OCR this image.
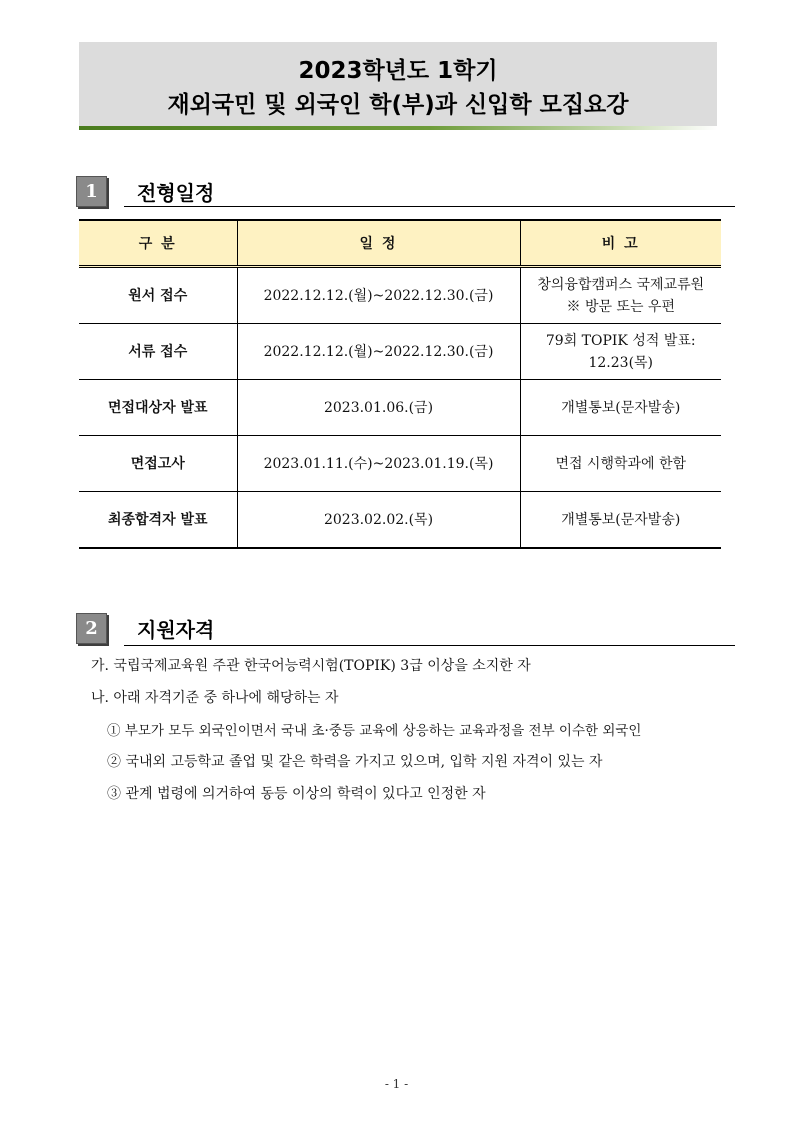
2023학년도 1학기
재외국민 및 외국인 학(부)과 신입학 모집요강
1	전형일정
구 분	일 정	비 고
원서 접수	2022.12.12.(월)~2022.12.30.(금)	창의융합캠퍼스 국제교류원
※ 방문 또는 우편

서류 접수	2022.12.12.(월)~2022.12.30.(금)	79회 TOPIK 성적 발표:
12.23(목)

면접대상자 발표	2023.01.06.(금)	개별통보(문자발송)

면접고사	2023.01.11.(수)~2023.01.19.(목)	면접 시행학과에 한함

최종합격자 발표	2023.02.02.(목)	개별통보(문자발송)
2	지원자격
가. 국립국제교육원 주관 한국어능력시험(TOPIK) 3급 이상을 소지한 자
나. 아래 자격기준 중 하나에 해당하는 자
① 부모가 모두 외국인이면서 국내 초·중등 교육에 상응하는 교육과정을 전부 이수한 외국인
② 국내외 고등학교 졸업 및 같은 학력을 가지고 있으며, 입학 지원 자격이 있는 자
③ 관계 법령에 의거하여 동등 이상의 학력이 있다고 인정한 자
- 1 -
